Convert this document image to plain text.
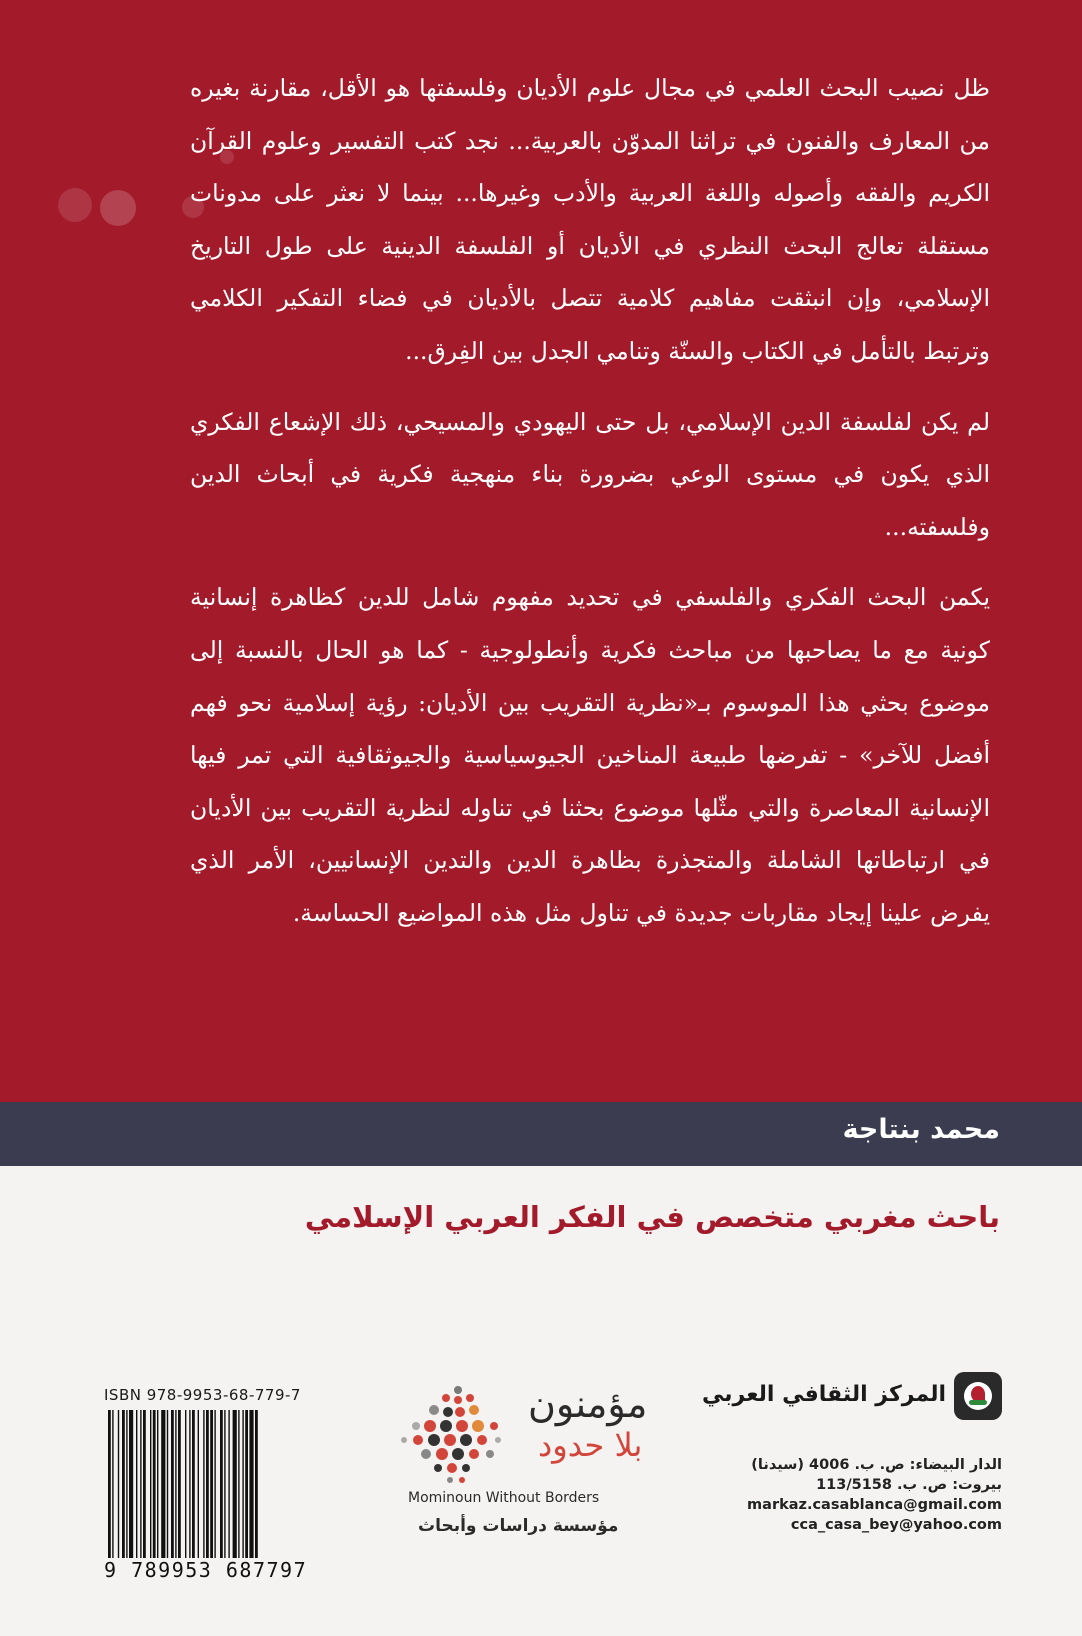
ظل نصيب البحث العلمي في مجال علوم الأديان وفلسفتها هو الأقل، مقارنة بغيره من المعارف والفنون في تراثنا المدوّن بالعربية... نجد كتب التفسير وعلوم القرآن الكريم والفقه وأصوله واللغة العربية والأدب وغيرها... بينما لا نعثر على مدونات مستقلة تعالج البحث النظري في الأديان أو الفلسفة الدينية على طول التاريخ الإسلامي، وإن انبثقت مفاهيم كلامية تتصل بالأديان في فضاء التفكير الكلامي وترتبط بالتأمل في الكتاب والسنّة وتنامي الجدل بين الفِرق...

لم يكن لفلسفة الدين الإسلامي، بل حتى اليهودي والمسيحي، ذلك الإشعاع الفكري الذي يكون في مستوى الوعي بضرورة بناء منهجية فكرية في أبحاث الدين وفلسفته...

يكمن البحث الفكري والفلسفي في تحديد مفهوم شامل للدين كظاهرة إنسانية كونية مع ما يصاحبها من مباحث فكرية وأنطولوجية - كما هو الحال بالنسبة إلى موضوع بحثي هذا الموسوم بـ«نظرية التقريب بين الأديان: رؤية إسلامية نحو فهم أفضل للآخر» - تفرضها طبيعة المناخين الجيوسياسية والجيوثقافية التي تمر فيها الإنسانية المعاصرة والتي مثّلها موضوع بحثنا في تناوله لنظرية التقريب بين الأديان في ارتباطاتها الشاملة والمتجذرة بظاهرة الدين والتدين الإنسانيين، الأمر الذي يفرض علينا إيجاد مقاربات جديدة في تناول مثل هذه المواضيع الحساسة.

محمد بنتاجة
باحث مغربي متخصص في الفكر العربي الإسلامي
المركز الثقافي العربي
الدار البيضاء: ص. ب. 4006 (سيدنا)
بيروت: ص. ب. 113/5158
markaz.casablanca@gmail.com
cca_casa_bey@yahoo.com
مؤمنون
بلا حدود
Mominoun Without Borders
مؤسسة دراسات وأبحاث
ISBN 978-9953-68-779-7
9 789953 687797
